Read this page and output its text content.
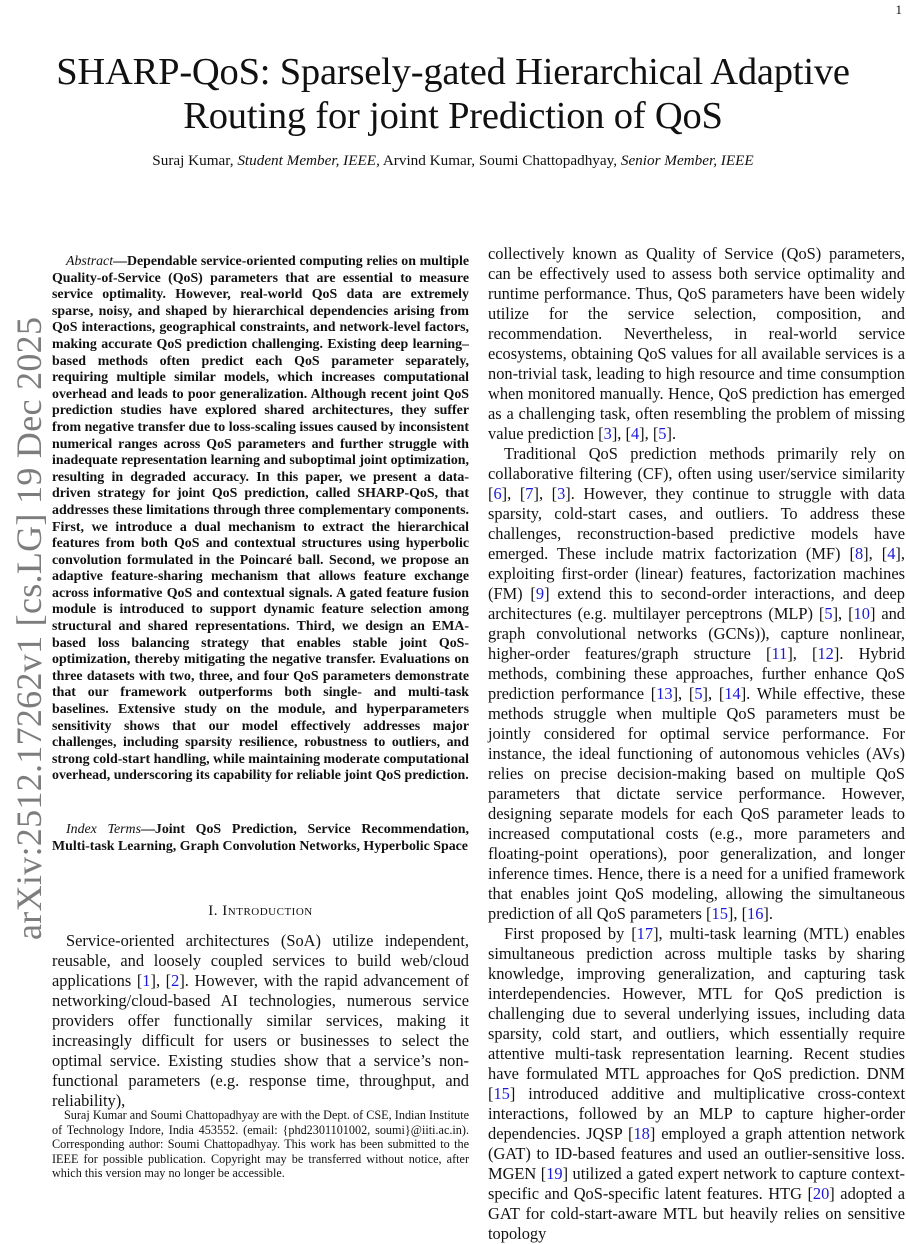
1
arXiv:2512.17262v1 [cs.LG] 19 Dec 2025
SHARP-QoS: Sparsely-gated Hierarchical Adaptive
Routing for joint Prediction of QoS
Suraj Kumar, Student Member, IEEE, Arvind Kumar, Soumi Chattopadhyay, Senior Member, IEEE
Abstract—Dependable service-oriented computing relies on multiple Quality-of-Service (QoS) parameters that are essential to measure service optimality. However, real-world QoS data are extremely sparse, noisy, and shaped by hierarchical dependencies arising from QoS interactions, geographical constraints, and network-level factors, making accurate QoS prediction challenging. Existing deep learning–based methods often predict each QoS parameter separately, requiring multiple similar models, which increases computational overhead and leads to poor generalization. Although recent joint QoS prediction studies have explored shared architectures, they suffer from negative transfer due to loss-scaling issues caused by inconsistent numerical ranges across QoS parameters and further struggle with inadequate representation learning and suboptimal joint optimization, resulting in degraded accuracy. In this paper, we present a data-driven strategy for joint QoS prediction, called SHARP-QoS, that addresses these limitations through three complementary components. First, we introduce a dual mechanism to extract the hierarchical features from both QoS and contextual structures using hyperbolic convolution formulated in the Poincaré ball. Second, we propose an adaptive feature-sharing mechanism that allows feature exchange across informative QoS and contextual signals. A gated feature fusion module is introduced to support dynamic feature selection among structural and shared representations. Third, we design an EMA-based loss balancing strategy that enables stable joint QoS-optimization, thereby mitigating the negative transfer. Evaluations on three datasets with two, three, and four QoS parameters demonstrate that our framework outperforms both single- and multi-task baselines. Extensive study on the module, and hyperparameters sensitivity shows that our model effectively addresses major challenges, including sparsity resilience, robustness to outliers, and strong cold-start handling, while maintaining moderate computational overhead, underscoring its capability for reliable joint QoS prediction.
Index Terms—Joint QoS Prediction, Service Recommendation, Multi-task Learning, Graph Convolution Networks, Hyperbolic Space
I. Introduction
Service-oriented architectures (SoA) utilize independent, reusable, and loosely coupled services to build web/cloud applications [1], [2]. However, with the rapid advancement of networking/cloud-based AI technologies, numerous service providers offer functionally similar services, making it increasingly difficult for users or businesses to select the optimal service. Existing studies show that a service’s non-functional parameters (e.g. response time, throughput, and reliability),
Suraj Kumar and Soumi Chattopadhyay are with the Dept. of CSE, Indian Institute of Technology Indore, India 453552. (email: {phd2301101002, soumi}@iiti.ac.in). Corresponding author: Soumi Chattopadhyay. This work has been submitted to the IEEE for possible publication. Copyright may be transferred without notice, after which this version may no longer be accessible.

collectively known as Quality of Service (QoS) parameters, can be effectively used to assess both service optimality and runtime performance. Thus, QoS parameters have been widely utilize for the service selection, composition, and recommendation. Nevertheless, in real-world service ecosystems, obtaining QoS values for all available services is a non-trivial task, leading to high resource and time consumption when monitored manually. Hence, QoS prediction has emerged as a challenging task, often resembling the problem of missing value prediction [3], [4], [5].

Traditional QoS prediction methods primarily rely on collaborative filtering (CF), often using user/service similarity [6], [7], [3]. However, they continue to struggle with data sparsity, cold-start cases, and outliers. To address these challenges, reconstruction-based predictive models have emerged. These include matrix factorization (MF) [8], [4], exploiting first-order (linear) features, factorization machines (FM) [9] extend this to second-order interactions, and deep architectures (e.g. multilayer perceptrons (MLP) [5], [10] and graph convolutional networks (GCNs)), capture nonlinear, higher-order features/graph structure [11], [12]. Hybrid methods, combining these approaches, further enhance QoS prediction performance [13], [5], [14]. While effective, these methods struggle when multiple QoS parameters must be jointly considered for optimal service performance. For instance, the ideal functioning of autonomous vehicles (AVs) relies on precise decision-making based on multiple QoS parameters that dictate service performance. However, designing separate models for each QoS parameter leads to increased computational costs (e.g., more parameters and floating-point operations), poor generalization, and longer inference times. Hence, there is a need for a unified framework that enables joint QoS modeling, allowing the simultaneous prediction of all QoS parameters [15], [16].

First proposed by [17], multi-task learning (MTL) enables simultaneous prediction across multiple tasks by sharing knowledge, improving generalization, and capturing task interdependencies. However, MTL for QoS prediction is challenging due to several underlying issues, including data sparsity, cold start, and outliers, which essentially require attentive multi-task representation learning. Recent studies have formulated MTL approaches for QoS prediction. DNM [15] introduced additive and multiplicative cross-context interactions, followed by an MLP to capture higher-order dependencies. JQSP [18] employed a graph attention network (GAT) to ID-based features and used an outlier-sensitive loss. MGEN [19] utilized a gated expert network to capture context-specific and QoS-specific latent features. HTG [20] adopted a GAT for cold-start-aware MTL but heavily relies on sensitive topology
